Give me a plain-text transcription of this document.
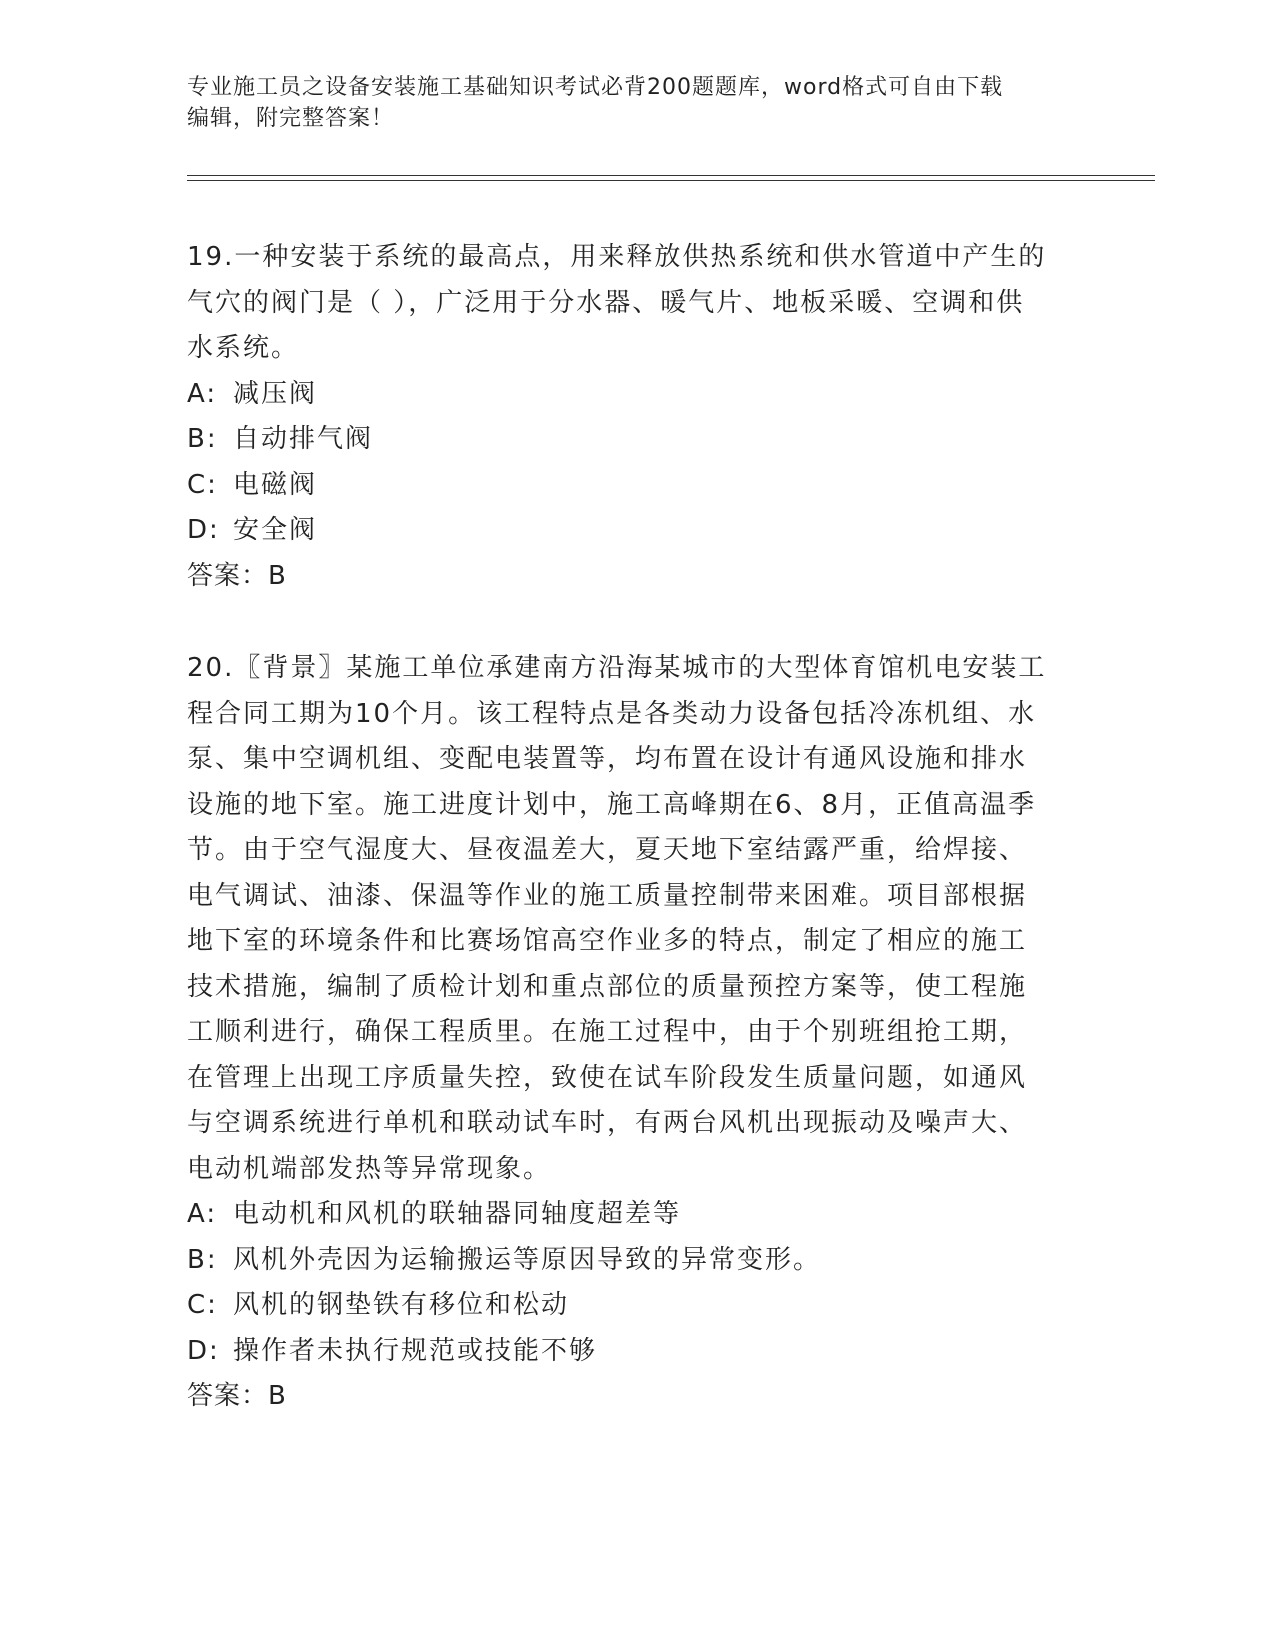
专业施工员之设备安装施工基础知识考试必背200题题库，word格式可自由下载
编辑，附完整答案！
19.一种安装于系统的最高点，用来释放供热系统和供水管道中产生的
气穴的阀门是（ ），广泛用于分水器、暖气片、地板采暖、空调和供
水系统。
A: 减压阀
B: 自动排气阀
C: 电磁阀
D: 安全阀
答案：B
20.〖背景〗某施工单位承建南方沿海某城市的大型体育馆机电安装工
程合同工期为10个月。该工程特点是各类动力设备包括冷冻机组、水
泵、集中空调机组、变配电装置等，均布置在设计有通风设施和排水
设施的地下室。施工进度计划中，施工高峰期在6、8月，正值高温季
节。由于空气湿度大、昼夜温差大，夏天地下室结露严重，给焊接、
电气调试、油漆、保温等作业的施工质量控制带来困难。项目部根据
地下室的环境条件和比赛场馆高空作业多的特点，制定了相应的施工
技术措施，编制了质检计划和重点部位的质量预控方案等，使工程施
工顺利进行，确保工程质里。在施工过程中，由于个别班组抢工期，
在管理上出现工序质量失控，致使在试车阶段发生质量问题，如通风
与空调系统进行单机和联动试车时，有两台风机出现振动及噪声大、
电动机端部发热等异常现象。
A: 电动机和风机的联轴器同轴度超差等
B: 风机外壳因为运输搬运等原因导致的异常变形。
C: 风机的钢垫铁有移位和松动
D: 操作者未执行规范或技能不够
答案：B
